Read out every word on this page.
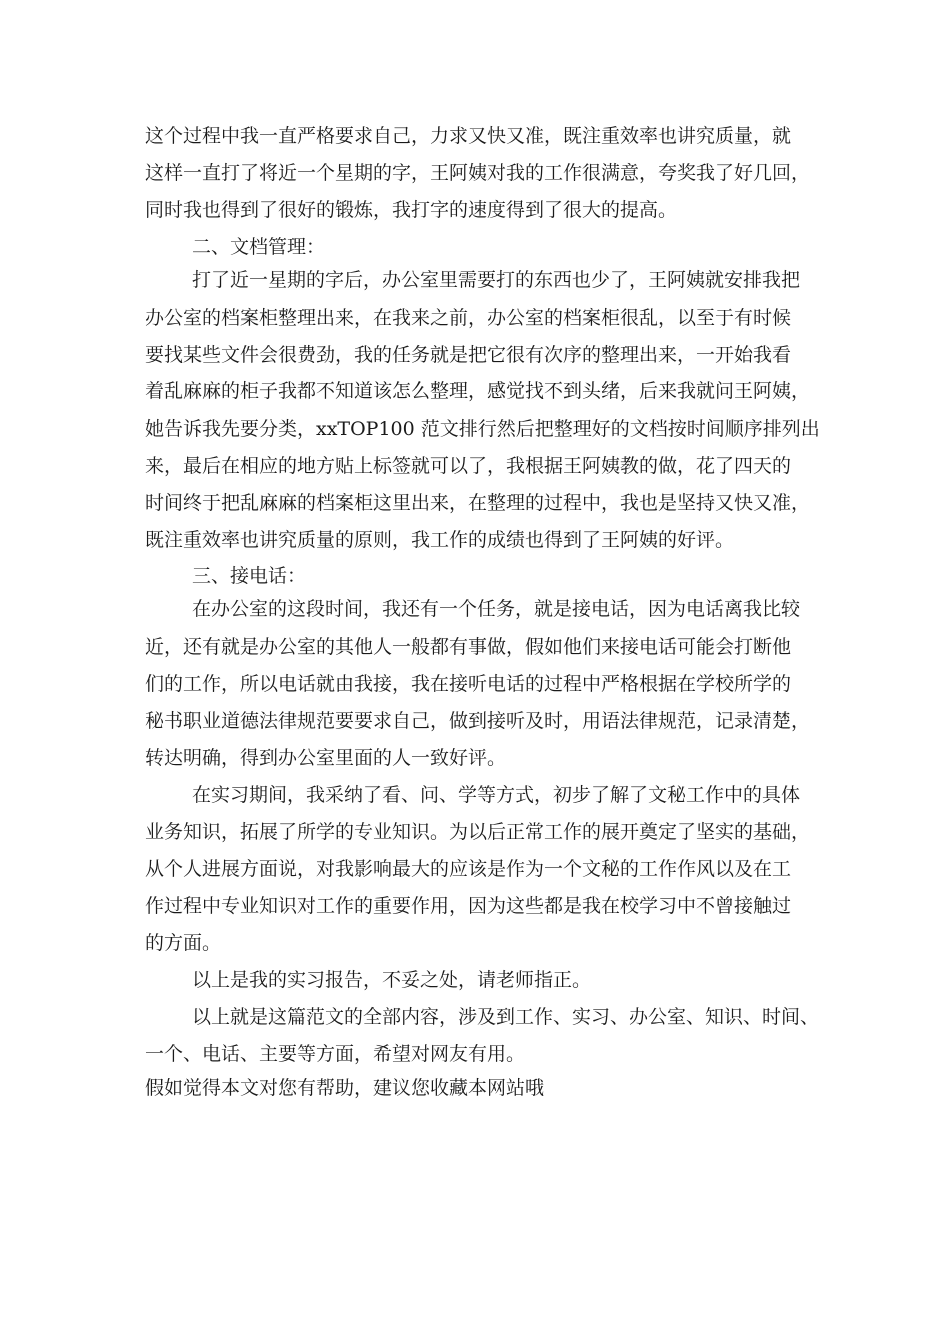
这个过程中我一直严格要求自己，力求又快又准，既注重效率也讲究质量，就
这样一直打了将近一个星期的字，王阿姨对我的工作很满意，夸奖我了好几回，
同时我也得到了很好的锻炼，我打字的速度得到了很大的提高。
二、文档管理：
打了近一星期的字后，办公室里需要打的东西也少了，王阿姨就安排我把
办公室的档案柜整理出来，在我来之前，办公室的档案柜很乱，以至于有时候
要找某些文件会很费劲，我的任务就是把它很有次序的整理出来，一开始我看
着乱麻麻的柜子我都不知道该怎么整理，感觉找不到头绪，后来我就问王阿姨，
她告诉我先要分类，xxTOP100 范文排行然后把整理好的文档按时间顺序排列出
来，最后在相应的地方贴上标签就可以了，我根据王阿姨教的做，花了四天的
时间终于把乱麻麻的档案柜这里出来，在整理的过程中，我也是坚持又快又准，
既注重效率也讲究质量的原则，我工作的成绩也得到了王阿姨的好评。
三、接电话：
在办公室的这段时间，我还有一个任务，就是接电话，因为电话离我比较
近，还有就是办公室的其他人一般都有事做，假如他们来接电话可能会打断他
们的工作，所以电话就由我接，我在接听电话的过程中严格根据在学校所学的
秘书职业道德法律规范要要求自己，做到接听及时，用语法律规范，记录清楚，
转达明确，得到办公室里面的人一致好评。
在实习期间，我采纳了看、问、学等方式，初步了解了文秘工作中的具体
业务知识，拓展了所学的专业知识。为以后正常工作的展开奠定了坚实的基础，
从个人进展方面说，对我影响最大的应该是作为一个文秘的工作作风以及在工
作过程中专业知识对工作的重要作用，因为这些都是我在校学习中不曾接触过
的方面。
以上是我的实习报告，不妥之处，请老师指正。
以上就是这篇范文的全部内容，涉及到工作、实习、办公室、知识、时间、
一个、电话、主要等方面，希望对网友有用。
假如觉得本文对您有帮助，建议您收藏本网站哦
